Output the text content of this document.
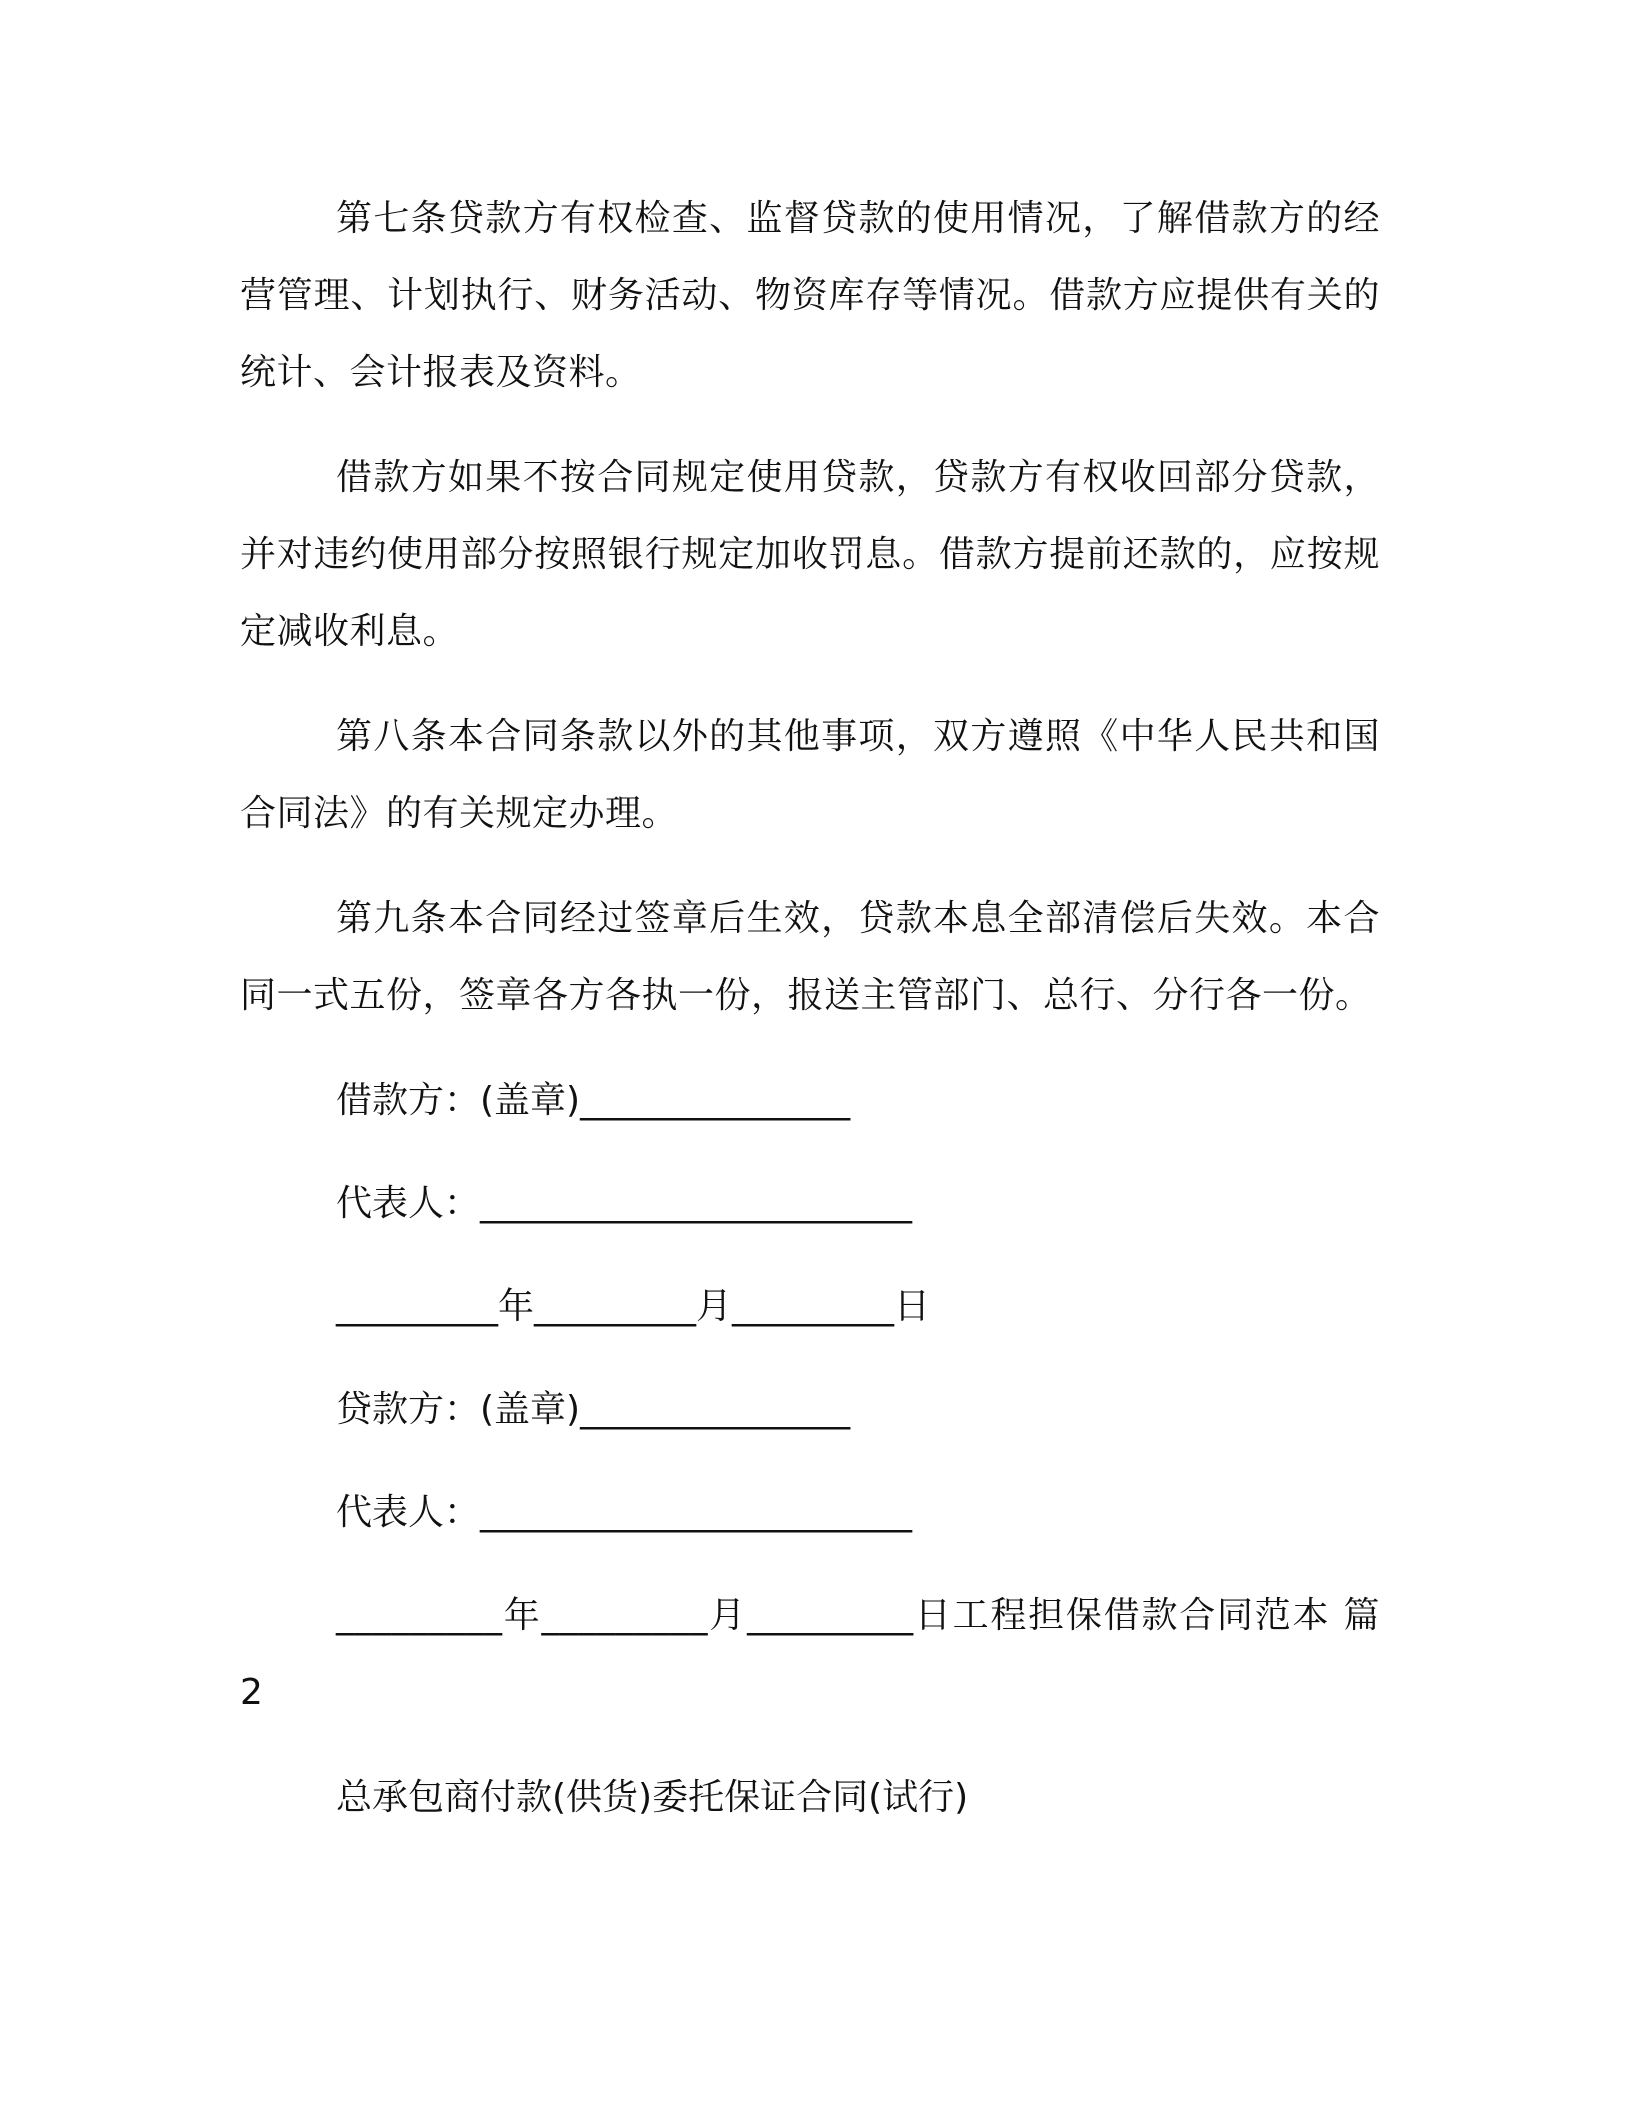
第七条贷款方有权检查、监督贷款的使用情况，了解借款方的经营管理、计划执行、财务活动、物资库存等情况。借款方应提供有关的统计、会计报表及资料。

借款方如果不按合同规定使用贷款，贷款方有权收回部分贷款，并对违约使用部分按照银行规定加收罚息。借款方提前还款的，应按规定减收利息。

第八条本合同条款以外的其他事项，双方遵照《中华人民共和国合同法》的有关规定办理。

第九条本合同经过签章后生效，贷款本息全部清偿后失效。本合同一式五份，签章各方各执一份，报送主管部门、总行、分行各一份。

借款方：(盖章)_______________
代表人：________________________
_________年_________月_________日
贷款方：(盖章)_______________
代表人：________________________

_________年_________月_________日工程担保借款合同范本 篇2

总承包商付款(供货)委托保证合同(试行)
